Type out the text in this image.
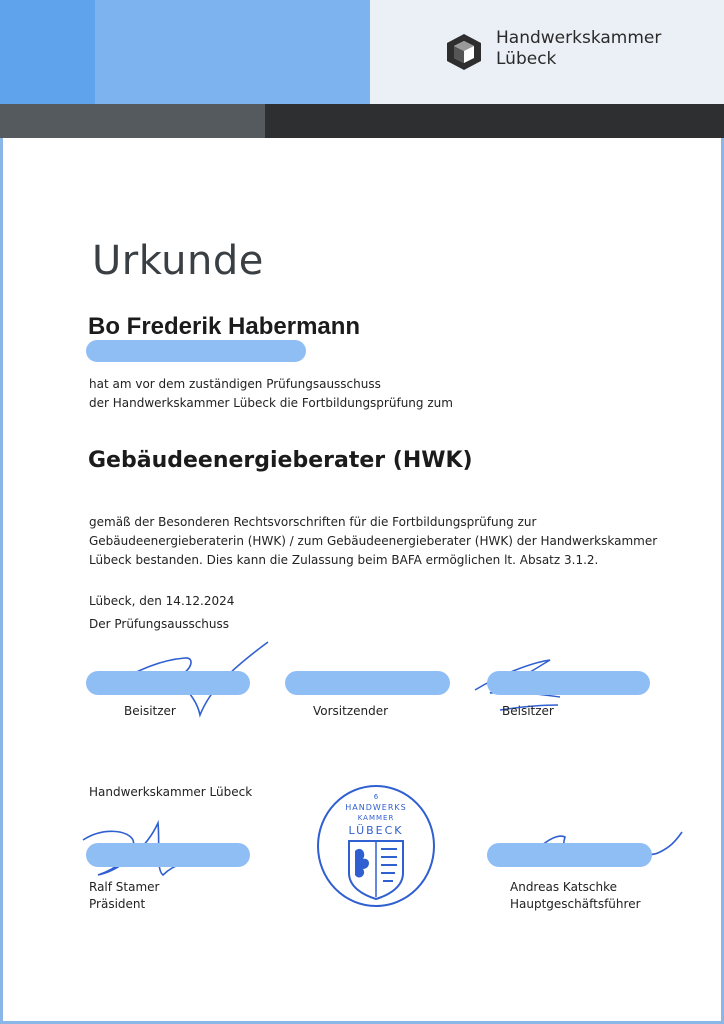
Handwerkskammer
Lübeck
Urkunde
Bo Frederik Habermann
hat am vor dem zuständigen Prüfungsausschuss
der Handwerkskammer Lübeck die Fortbildungsprüfung zum
Gebäudeenergieberater (HWK)
gemäß der Besonderen Rechtsvorschriften für die Fortbildungsprüfung zur
Gebäudeenergieberaterin (HWK) / zum Gebäudeenergieberater (HWK) der Handwerkskammer
Lübeck bestanden. Dies kann die Zulassung beim BAFA ermöglichen lt. Absatz 3.1.2.
Lübeck, den 14.12.2024
Der Prüfungsausschuss
Beisitzer	Vorsitzender	Beisitzer
Handwerkskammer Lübeck	6
HANDWERKS
KAMMER
LÜBECK
Ralf Stamer
Präsident
Andreas Katschke
Hauptgeschäftsführer
